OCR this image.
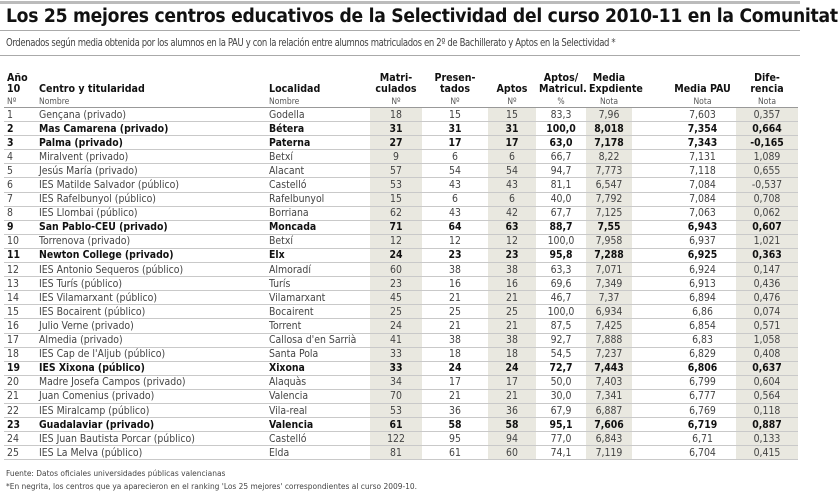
Los 25 mejores centros educativos de la Selectividad del curso 2010-11 en la Comunitat
Ordenados según media obtenida por los alumnos en la PAU y con la relación entre alumnos matriculados en 2º de Bachillerato y Aptos en la Selectividad *
Año 10	Centro y titularidad	Localidad	Matri- culados	Presen- tados	Aptos	Aptos/ Matricul.	Media Expdiente	Media PAU	Dife- rencia
Nº	Nombre	Nombre	Nº	Nº	Nº	%	Nota	Nota	Nota
1	Gençana (privado)	Godella	18	15	15	83,3	7,96	7,603	0,357
2	Mas Camarena (privado)	Bétera	31	31	31	100,0	8,018	7,354	0,664
3	Palma (privado)	Paterna	27	17	17	63,0	7,178	7,343	-0,165
4	Miralvent (privado)	Betxí	9	6	6	66,7	8,22	7,131	1,089
5	Jesús María (privado)	Alacant	57	54	54	94,7	7,773	7,118	0,655
6	IES Matilde Salvador (público)	Castelló	53	43	43	81,1	6,547	7,084	-0,537
7	IES Rafelbunyol (público)	Rafelbunyol	15	6	6	40,0	7,792	7,084	0,708
8	IES Llombai (público)	Borriana	62	43	42	67,7	7,125	7,063	0,062
9	San Pablo-CEU (privado)	Moncada	71	64	63	88,7	7,55	6,943	0,607
10	Torrenova (privado)	Betxí	12	12	12	100,0	7,958	6,937	1,021
11	Newton College (privado)	Elx	24	23	23	95,8	7,288	6,925	0,363
12	IES Antonio Sequeros (público)	Almoradí	60	38	38	63,3	7,071	6,924	0,147
13	IES Turís (público)	Turís	23	16	16	69,6	7,349	6,913	0,436
14	IES Vilamarxant (público)	Vilamarxant	45	21	21	46,7	7,37	6,894	0,476
15	IES Bocairent (público)	Bocairent	25	25	25	100,0	6,934	6,86	0,074
16	Julio Verne (privado)	Torrent	24	21	21	87,5	7,425	6,854	0,571
17	Almedia (privado)	Callosa d'en Sarrià	41	38	38	92,7	7,888	6,83	1,058
18	IES Cap de l'Aljub (público)	Santa Pola	33	18	18	54,5	7,237	6,829	0,408
19	IES Xixona (público)	Xixona	33	24	24	72,7	7,443	6,806	0,637
20	Madre Josefa Campos (privado)	Alaquàs	34	17	17	50,0	7,403	6,799	0,604
21	Juan Comenius (privado)	Valencia	70	21	21	30,0	7,341	6,777	0,564
22	IES Miralcamp (público)	Vila-real	53	36	36	67,9	6,887	6,769	0,118
23	Guadalaviar (privado)	Valencia	61	58	58	95,1	7,606	6,719	0,887
24	IES Juan Bautista Porcar (público)	Castelló	122	95	94	77,0	6,843	6,71	0,133
25	IES La Melva (público)	Elda	81	61	60	74,1	7,119	6,704	0,415
Fuente: Datos oficiales universidades públicas valencianas
*En negrita, los centros que ya aparecieron en el ranking 'Los 25 mejores' correspondientes al curso 2009-10.
